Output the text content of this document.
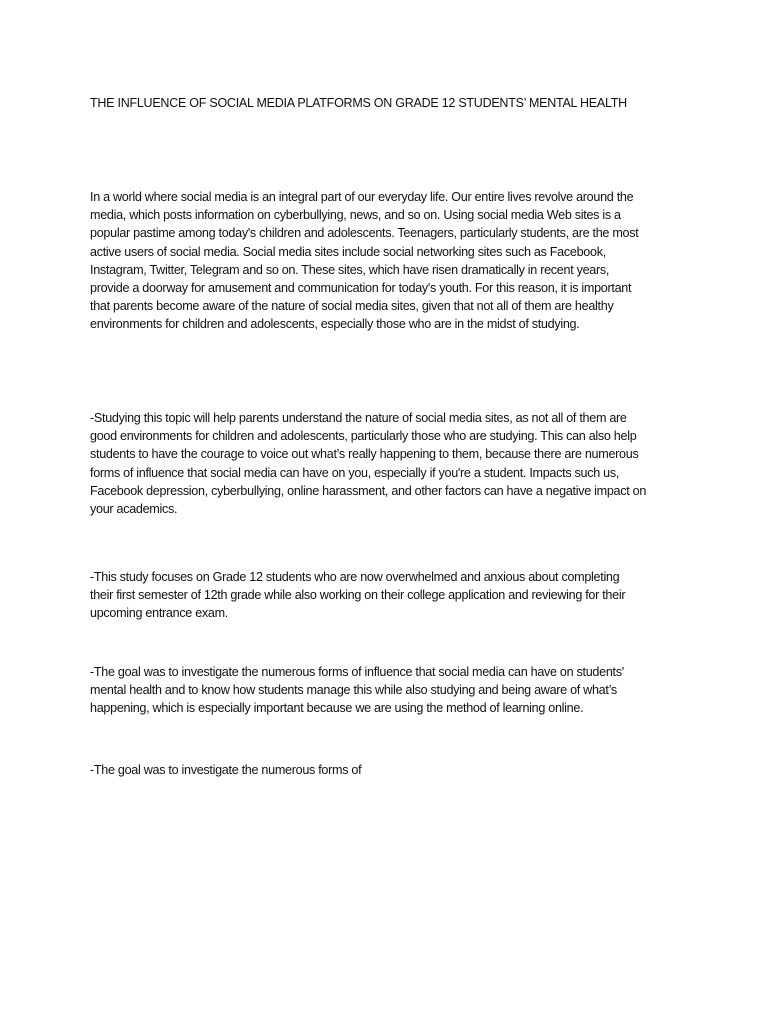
THE INFLUENCE OF SOCIAL MEDIA PLATFORMS ON GRADE 12 STUDENTS’ MENTAL HEALTH

In a world where social media is an integral part of our everyday life. Our entire lives revolve around the
media, which posts information on cyberbullying, news, and so on. Using social media Web sites is a
popular pastime among today's children and adolescents. Teenagers, particularly students, are the most
active users of social media. Social media sites include social networking sites such as Facebook,
Instagram, Twitter, Telegram and so on. These sites, which have risen dramatically in recent years,
provide a doorway for amusement and communication for today's youth. For this reason, it is important
that parents become aware of the nature of social media sites, given that not all of them are healthy
environments for children and adolescents, especially those who are in the midst of studying.

-Studying this topic will help parents understand the nature of social media sites, as not all of them are
good environments for children and adolescents, particularly those who are studying. This can also help
students to have the courage to voice out what’s really happening to them, because there are numerous
forms of influence that social media can have on you, especially if you're a student. Impacts such us,
Facebook depression, cyberbullying, online harassment, and other factors can have a negative impact on
your academics.

-This study focuses on Grade 12 students who are now overwhelmed and anxious about completing
their first semester of 12th grade while also working on their college application and reviewing for their
upcoming entrance exam.

-The goal was to investigate the numerous forms of influence that social media can have on students'
mental health and to know how students manage this while also studying and being aware of what’s
happening, which is especially important because we are using the method of learning online.

-The goal was to investigate the numerous forms of
